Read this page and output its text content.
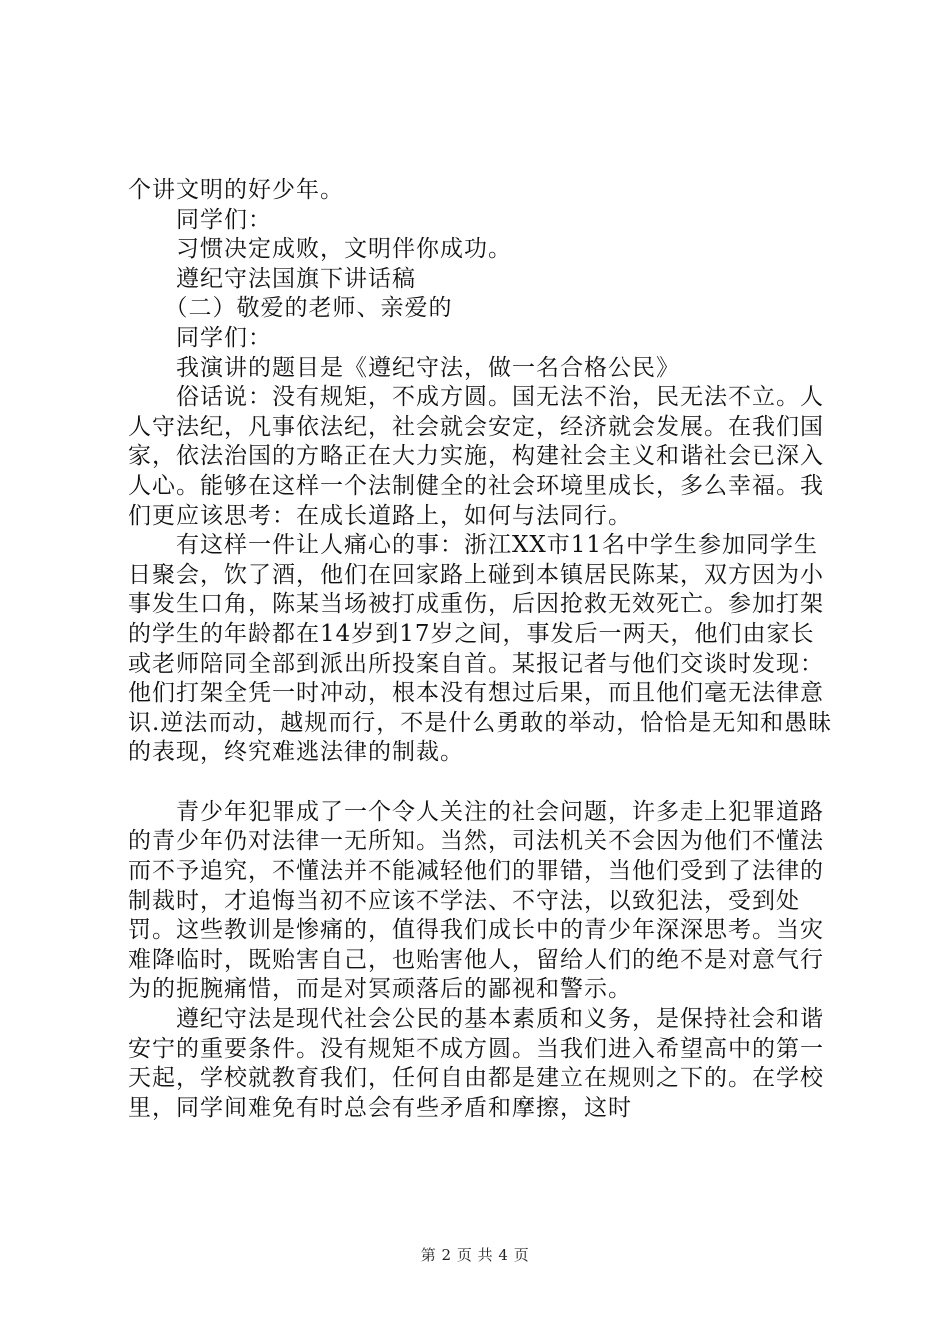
个讲文明的好少年。

　　同学们：

　　习惯决定成败，文明伴你成功。

　　遵纪守法国旗下讲话稿

　　（二）敬爱的老师、亲爱的

　　同学们：

　　我演讲的题目是《遵纪守法，做一名合格公民》

　　俗话说：没有规矩，不成方圆。国无法不治，民无法不立。人人守法纪，凡事依法纪，社会就会安定，经济就会发展。在我们国家，依法治国的方略正在大力实施，构建社会主义和谐社会已深入人心。能够在这样一个法制健全的社会环境里成长，多么幸福。我们更应该思考：在成长道路上，如何与法同行。

　　有这样一件让人痛心的事：浙江XX市11名中学生参加同学生日聚会，饮了酒，他们在回家路上碰到本镇居民陈某，双方因为小事发生口角，陈某当场被打成重伤，后因抢救无效死亡。参加打架的学生的年龄都在14岁到17岁之间，事发后一两天，他们由家长或老师陪同全部到派出所投案自首。某报记者与他们交谈时发现：他们打架全凭一时冲动，根本没有想过后果，而且他们毫无法律意识.逆法而动，越规而行，不是什么勇敢的举动，恰恰是无知和愚昧的表现，终究难逃法律的制裁。

　　青少年犯罪成了一个令人关注的社会问题，许多走上犯罪道路的青少年仍对法律一无所知。当然，司法机关不会因为他们不懂法而不予追究，不懂法并不能减轻他们的罪错，当他们受到了法律的制裁时，才追悔当初不应该不学法、不守法，以致犯法，受到处罚。这些教训是惨痛的，值得我们成长中的青少年深深思考。当灾难降临时，既贻害自己，也贻害他人，留给人们的绝不是对意气行为的扼腕痛惜，而是对冥顽落后的鄙视和警示。

　　遵纪守法是现代社会公民的基本素质和义务，是保持社会和谐安宁的重要条件。没有规矩不成方圆。当我们进入希望高中的第一天起，学校就教育我们，任何自由都是建立在规则之下的。在学校里，同学间难免有时总会有些矛盾和摩擦，这时

第 2 页 共 4 页
